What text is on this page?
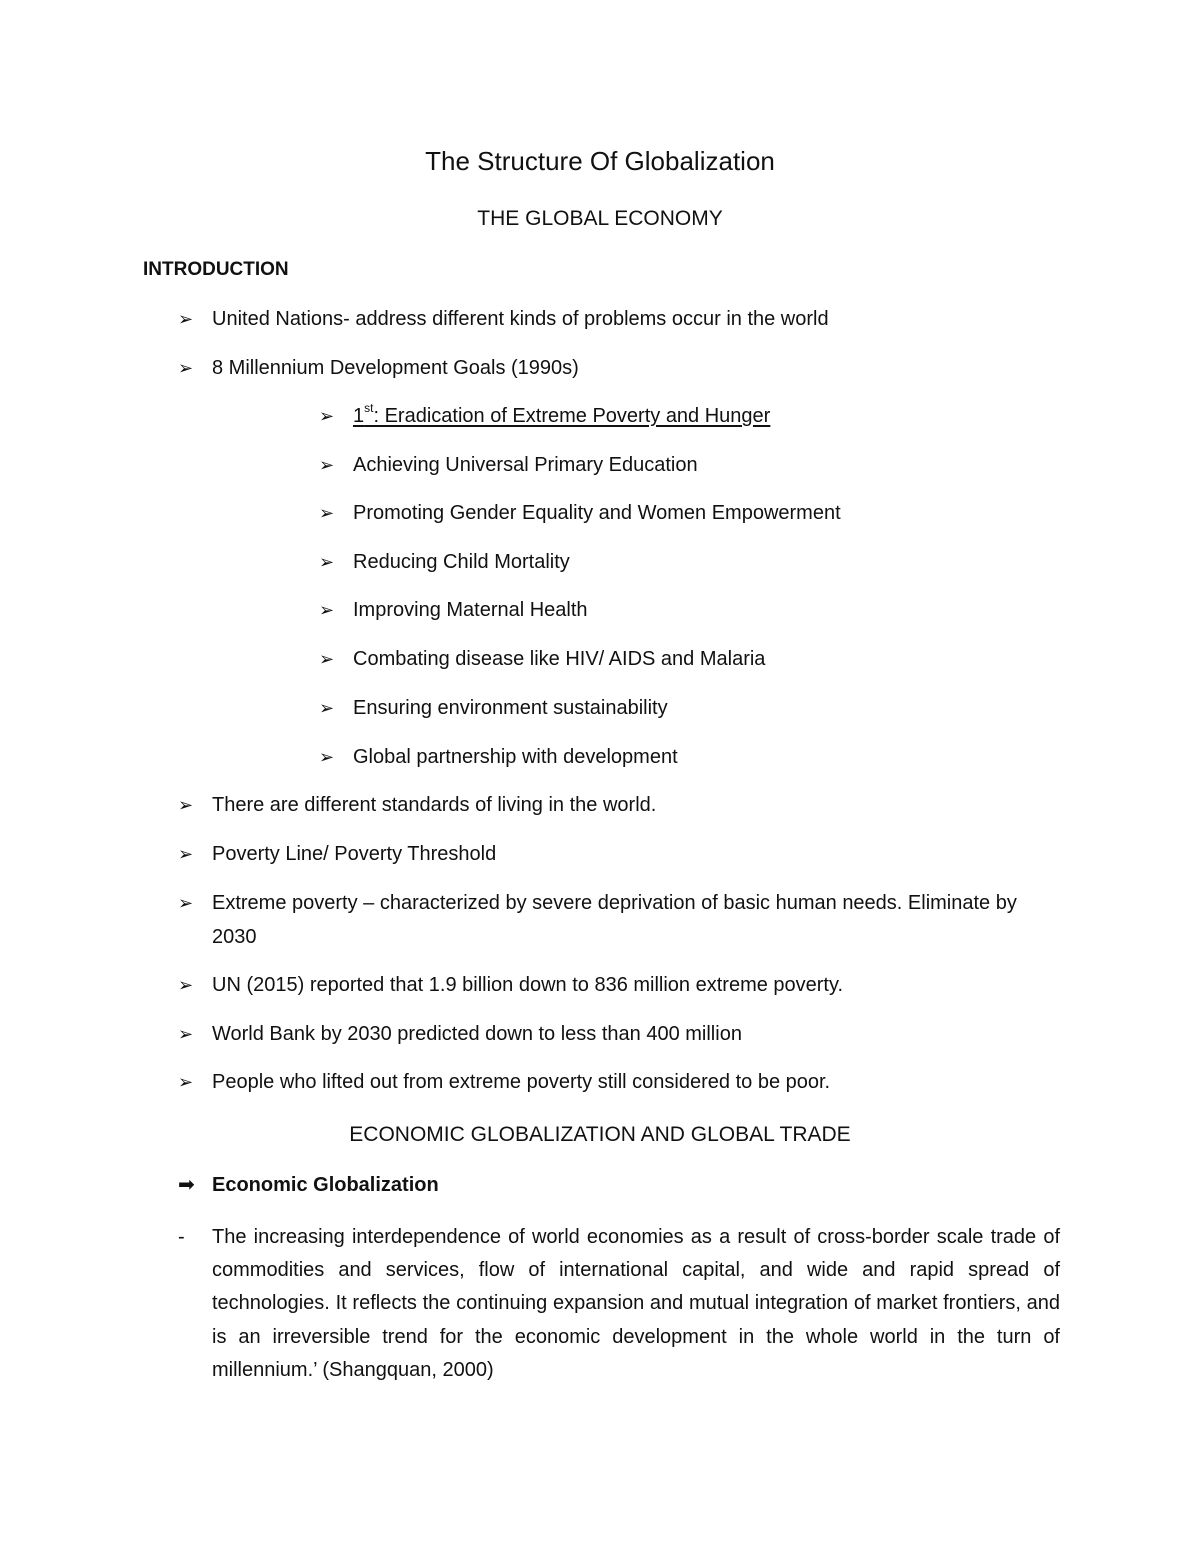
The Structure Of Globalization
THE GLOBAL ECONOMY
INTRODUCTION
➢ United Nations- address different kinds of problems occur in the world
➢ 8 Millennium Development Goals (1990s)
➢ 1st: Eradication of Extreme Poverty and Hunger
➢ Achieving Universal Primary Education
➢ Promoting Gender Equality and Women Empowerment
➢ Reducing Child Mortality
➢ Improving Maternal Health
➢ Combating disease like HIV/ AIDS and Malaria
➢ Ensuring environment sustainability
➢ Global partnership with development
➢ There are different standards of living in the world.
➢ Poverty Line/ Poverty Threshold
➢ Extreme poverty – characterized by severe deprivation of basic human needs. Eliminate by
2030
➢ UN (2015) reported that 1.9 billion down to 836 million extreme poverty.
➢ World Bank by 2030 predicted down to less than 400 million
➢ People who lifted out from extreme poverty still considered to be poor.
ECONOMIC GLOBALIZATION AND GLOBAL TRADE
➡ Economic Globalization
- The increasing interdependence of world economies as a result of cross-border scale trade of commodities and services, flow of international capital, and wide and rapid spread of technologies. It reflects the continuing expansion and mutual integration of market frontiers, and is an irreversible trend for the economic development in the whole world in the turn of millennium.’ (Shangquan, 2000)
